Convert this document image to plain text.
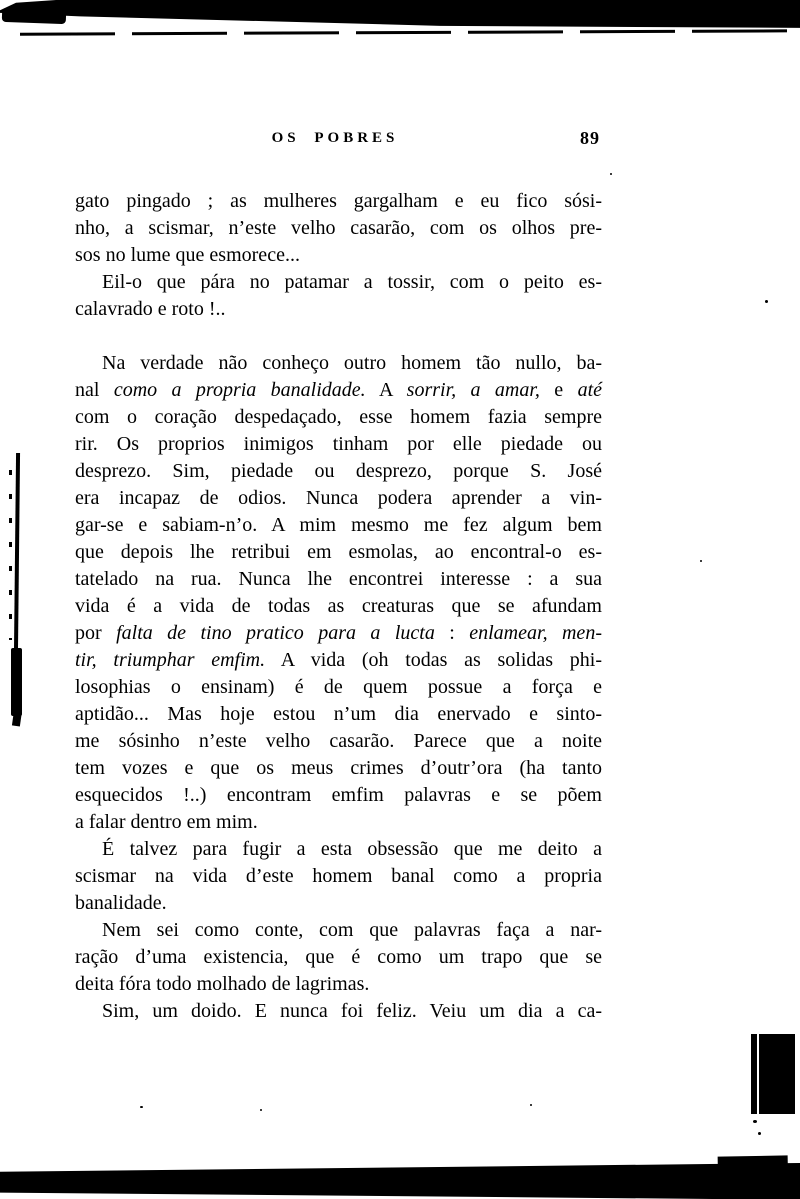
OS POBRES	89
gato pingado ; as mulheres gargalham e eu fico sósi-
nho, a scismar, n’este velho casarão, com os olhos pre-
sos no lume que esmorece...
Eil-o que pára no patamar a tossir, com o peito es-
calavrado e roto !..
Na verdade não conheço outro homem tão nullo, ba-
nal como a propria banalidade. A sorrir, a amar, e até
com o coração despedaçado, esse homem fazia sempre
rir. Os proprios inimigos tinham por elle piedade ou
desprezo. Sim, piedade ou desprezo, porque S. José
era incapaz de odios. Nunca podera aprender a vin-
gar-se e sabiam-n’o. A mim mesmo me fez algum bem
que depois lhe retribui em esmolas, ao encontral-o es-
tatelado na rua. Nunca lhe encontrei interesse : a sua
vida é a vida de todas as creaturas que se afundam
por falta de tino pratico para a lucta : enlamear, men-
tir, triumphar emfim. A vida (oh todas as solidas phi-
losophias o ensinam) é de quem possue a força e
aptidão... Mas hoje estou n’um dia enervado e sinto-
me sósinho n’este velho casarão. Parece que a noite
tem vozes e que os meus crimes d’outr’ora (ha tanto
esquecidos !..) encontram emfim palavras e se põem
a falar dentro em mim.
É talvez para fugir a esta obsessão que me deito a
scismar na vida d’este homem banal como a propria
banalidade.
Nem sei como conte, com que palavras faça a nar-
ração d’uma existencia, que é como um trapo que se
deita fóra todo molhado de lagrimas.
Sim, um doido. E nunca foi feliz. Veiu um dia a ca-
